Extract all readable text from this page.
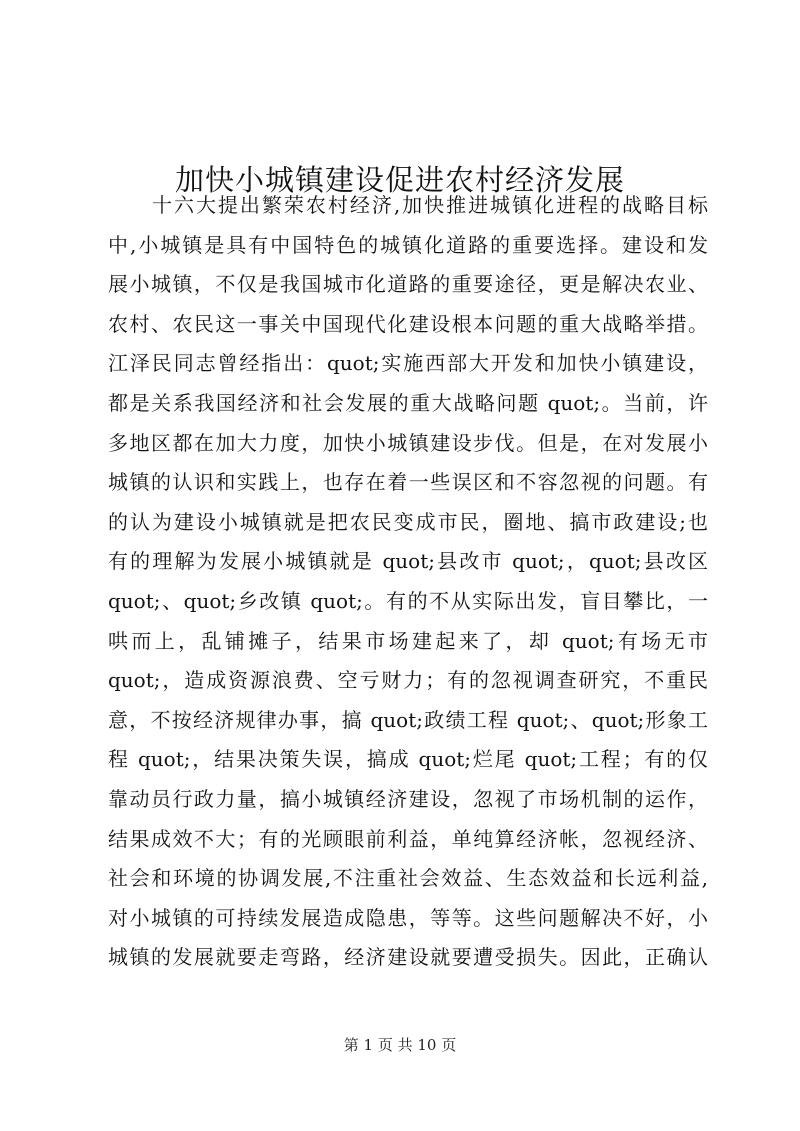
加快小城镇建设促进农村经济发展
　　十六大提出繁荣农村经济,加快推进城镇化进程的战略目标
中,小城镇是具有中国特色的城镇化道路的重要选择。建设和发
展小城镇，不仅是我国城市化道路的重要途径，更是解决农业、
农村、农民这一事关中国现代化建设根本问题的重大战略举措。
江泽民同志曾经指出：quot;实施西部大开发和加快小镇建设，
都是关系我国经济和社会发展的重大战略问题 quot;。当前，许
多地区都在加大力度，加快小城镇建设步伐。但是，在对发展小
城镇的认识和实践上，也存在着一些误区和不容忽视的问题。有
的认为建设小城镇就是把农民变成市民，圈地、搞市政建设;也
有的理解为发展小城镇就是 quot;县改市 quot;，quot;县改区
quot;、quot;乡改镇 quot;。有的不从实际出发，盲目攀比，一
哄而上，乱铺摊子，结果市场建起来了，却 quot;有场无市
quot;，造成资源浪费、空亏财力；有的忽视调查研究，不重民
意，不按经济规律办事，搞 quot;政绩工程 quot;、quot;形象工
程 quot;，结果决策失误，搞成 quot;烂尾 quot;工程；有的仅
靠动员行政力量，搞小城镇经济建设，忽视了市场机制的运作，
结果成效不大；有的光顾眼前利益，单纯算经济帐，忽视经济、
社会和环境的协调发展,不注重社会效益、生态效益和长远利益,
对小城镇的可持续发展造成隐患，等等。这些问题解决不好，小
城镇的发展就要走弯路，经济建设就要遭受损失。因此，正确认
第 1 页 共 10 页
